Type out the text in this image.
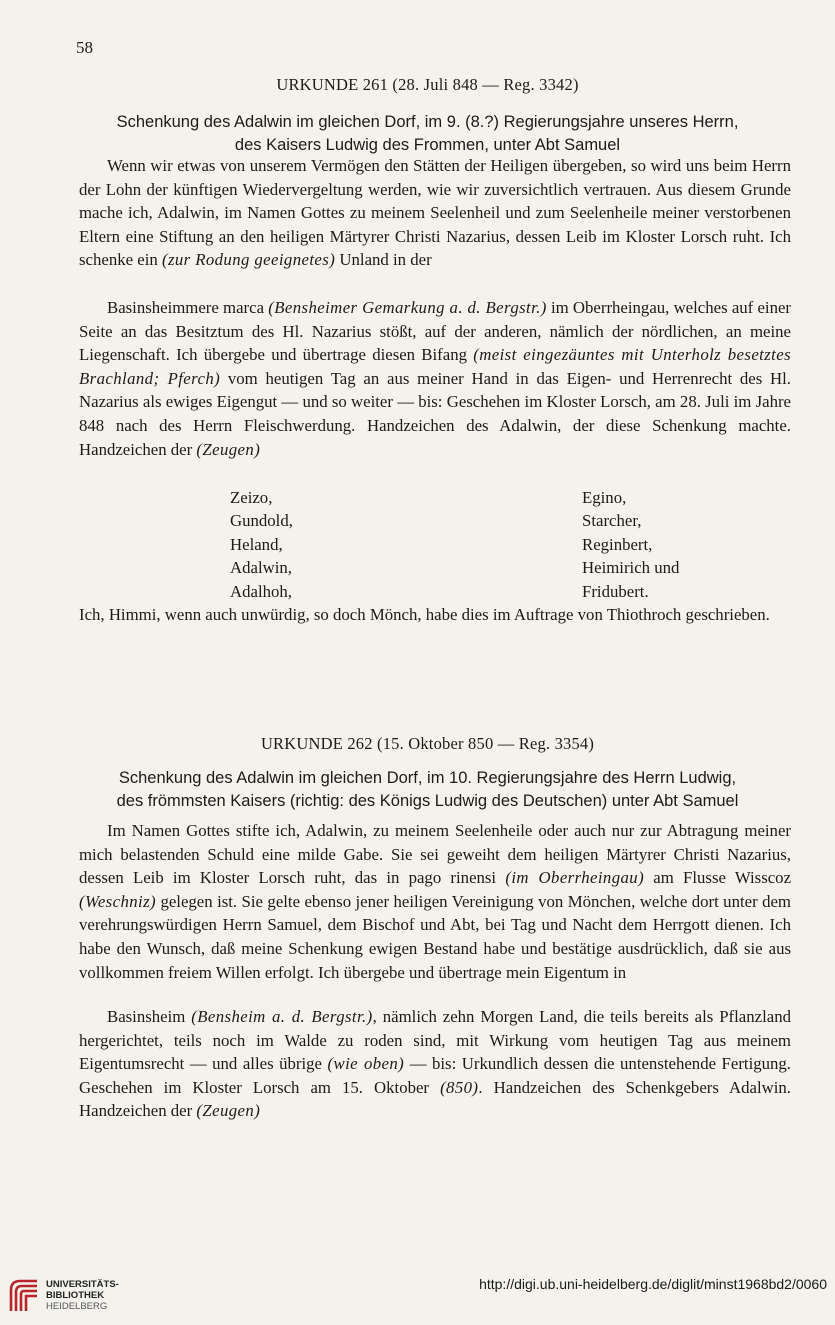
58
URKUNDE 261 (28. Juli 848 — Reg. 3342)
Schenkung des Adalwin im gleichen Dorf, im 9. (8.?) Regierungsjahre unseres Herrn,
des Kaisers Ludwig des Frommen, unter Abt Samuel

Wenn wir etwas von unserem Vermögen den Stätten der Heiligen übergeben, so wird uns beim Herrn der Lohn der künftigen Wiedervergeltung werden, wie wir zuversichtlich vertrauen. Aus diesem Grunde mache ich, Adalwin, im Namen Gottes zu meinem Seelenheil und zum Seelenheile meiner verstorbenen Eltern eine Stiftung an den heiligen Märtyrer Christi Nazarius, dessen Leib im Kloster Lorsch ruht. Ich schenke ein (zur Rodung geeignetes) Unland in der

Basinsheimmere marca (Bensheimer Gemarkung a. d. Bergstr.) im Oberrheingau, welches auf einer Seite an das Besitztum des Hl. Nazarius stößt, auf der anderen, nämlich der nördlichen, an meine Liegenschaft. Ich übergebe und übertrage diesen Bifang (meist eingezäuntes mit Unterholz besetztes Brachland; Pferch) vom heutigen Tag an aus meiner Hand in das Eigen- und Herrenrecht des Hl. Nazarius als ewiges Eigengut — und so weiter — bis: Geschehen im Kloster Lorsch, am 28. Juli im Jahre 848 nach des Herrn Fleischwerdung. Handzeichen des Adalwin, der diese Schenkung machte. Handzeichen der (Zeugen)

Zeizo,
Gundold,
Heland,
Adalwin,
Adalhoh,
Egino,
Starcher,
Reginbert,
Heimirich und
Fridubert.

Ich, Himmi, wenn auch unwürdig, so doch Mönch, habe dies im Auftrage von Thiothroch geschrieben.

URKUNDE 262 (15. Oktober 850 — Reg. 3354)
Schenkung des Adalwin im gleichen Dorf, im 10. Regierungsjahre des Herrn Ludwig,
des frömmsten Kaisers (richtig: des Königs Ludwig des Deutschen) unter Abt Samuel

Im Namen Gottes stifte ich, Adalwin, zu meinem Seelenheile oder auch nur zur Abtragung meiner mich belastenden Schuld eine milde Gabe. Sie sei geweiht dem heiligen Märtyrer Christi Nazarius, dessen Leib im Kloster Lorsch ruht, das in pago rinensi (im Oberrheingau) am Flusse Wisscoz (Weschniz) gelegen ist. Sie gelte ebenso jener heiligen Vereinigung von Mönchen, welche dort unter dem verehrungswürdigen Herrn Samuel, dem Bischof und Abt, bei Tag und Nacht dem Herrgott dienen. Ich habe den Wunsch, daß meine Schenkung ewigen Bestand habe und bestätige ausdrücklich, daß sie aus vollkommen freiem Willen erfolgt. Ich übergebe und übertrage mein Eigentum in

Basinsheim (Bensheim a. d. Bergstr.), nämlich zehn Morgen Land, die teils bereits als Pflanzland hergerichtet, teils noch im Walde zu roden sind, mit Wirkung vom heutigen Tag aus meinem Eigentumsrecht — und alles übrige (wie oben) — bis: Urkundlich dessen die untenstehende Fertigung. Geschehen im Kloster Lorsch am 15. Oktober (850). Handzeichen des Schenkgebers Adalwin. Handzeichen der (Zeugen)

UNIVERSITÄTS-
BIBLIOTHEK
HEIDELBERG
http://digi.ub.uni-heidelberg.de/diglit/minst1968bd2/0060
